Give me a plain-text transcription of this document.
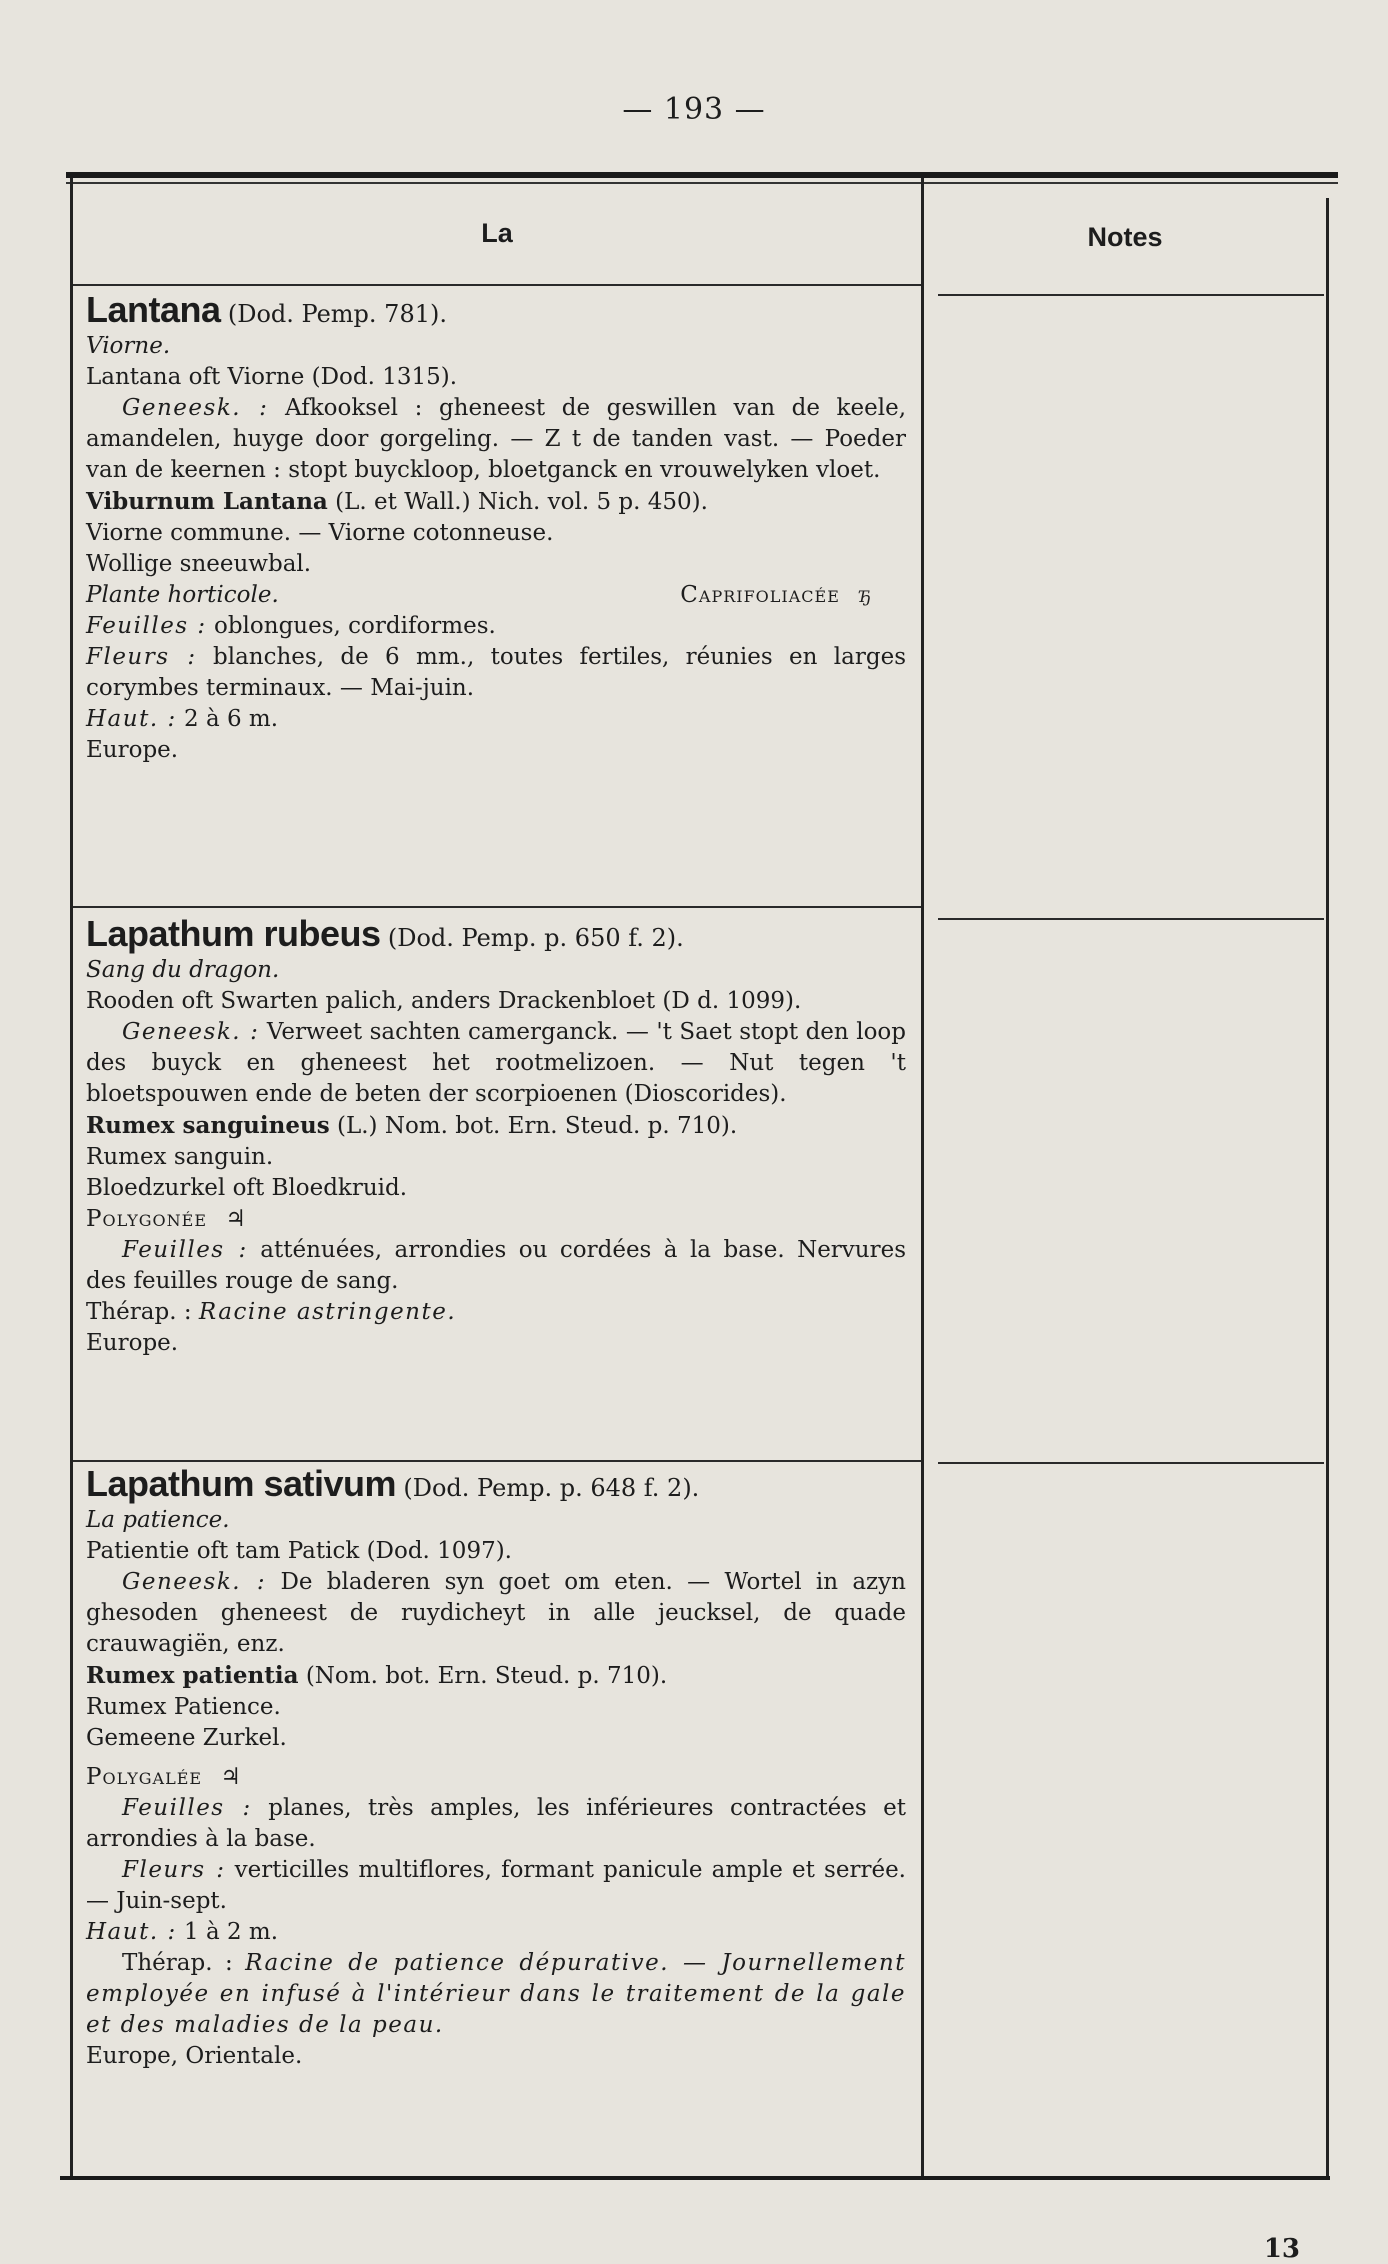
— 193 —
La	Notes

Lantana (Dod. Pemp. 781).

Viorne.

Lantana oft Viorne (Dod. 1315).

Geneesk. : Afkooksel : gheneest de geswillen van de keele, amandelen, huyge door gorgeling. — Z t de tanden vast. — Poeder van de keernen : stopt buyckloop, bloetganck en vrouwelyken vloet.

Viburnum Lantana (L. et Wall.) Nich. vol. 5 p. 450).

Viorne commune. — Viorne cotonneuse.

Wollige sneeuwbal.

Plante horticole.	Caprifoliacée ђ

Feuilles : oblongues, cordiformes.

Fleurs : blanches, de 6 mm., toutes fertiles, réunies en larges corymbes terminaux. — Mai-juin.

Haut. : 2 à 6 m.

Europe.

Lapathum rubeus (Dod. Pemp. p. 650 f. 2).

Sang du dragon.

Rooden oft Swarten palich, anders Drackenbloet (D d. 1099).

Geneesk. : Verweet sachten camerganck. — 't Saet stopt den loop des buyck en gheneest het rootmelizoen. — Nut tegen 't bloetspouwen ende de beten der scorpioenen (Dioscorides).

Rumex sanguineus (L.) Nom. bot. Ern. Steud. p. 710).

Rumex sanguin.

Bloedzurkel oft Bloedkruid.

Polygonée ♃

Feuilles : atténuées, arrondies ou cordées à la base. Nervures des feuilles rouge de sang.

Thérap. : Racine astringente.

Europe.

Lapathum sativum (Dod. Pemp. p. 648 f. 2).

La patience.

Patientie oft tam Patick (Dod. 1097).

Geneesk. : De bladeren syn goet om eten. — Wortel in azyn ghesoden gheneest de ruydicheyt in alle jeucksel, de quade crauwagiën, enz.

Rumex patientia (Nom. bot. Ern. Steud. p. 710).

Rumex Patience.

Gemeene Zurkel.

Polygalée ♃

Feuilles : planes, très amples, les inférieures contractées et arrondies à la base.

Fleurs : verticilles multiflores, formant panicule ample et serrée. — Juin-sept.

Haut. : 1 à 2 m.

Thérap. : Racine de patience dépurative. — Journellement employée en infusé à l'intérieur dans le traitement de la gale et des maladies de la peau.

Europe, Orientale.

13
